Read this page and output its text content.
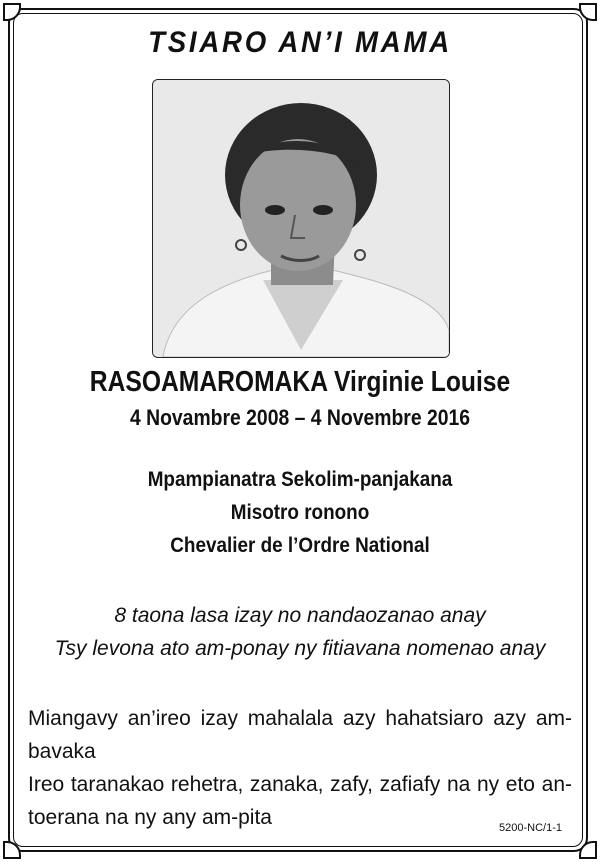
TSIARO AN’I MAMA
RASOAMAROMAKA Virginie Louise
4 Novambre 2008 – 4 Novembre 2016
Mpampianatra Sekolim-panjakana
Misotro ronono
Chevalier de l’Ordre National
8 taona lasa izay no nandaozanao anay
Tsy levona ato am-ponay ny fitiavana nomenao anay

Miangavy an’ireo izay mahalala azy hahatsiaro azy am-bavaka

Ireo taranakao rehetra, zanaka, zafy, zafiafy na ny eto an-toerana na ny any am-pita	5200-NC/1-1
